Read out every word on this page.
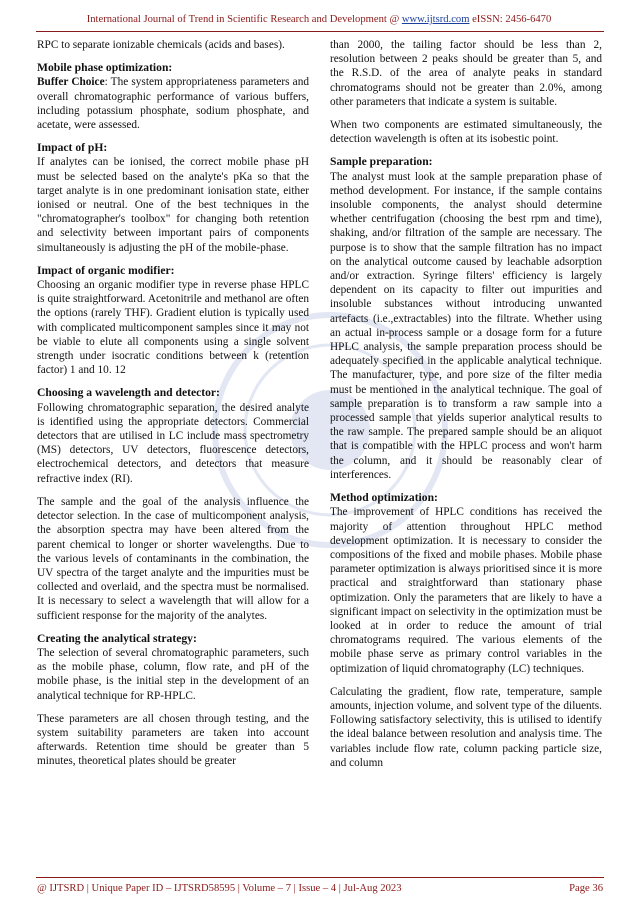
International Journal of Trend in Scientific Research and Development @ www.ijtsrd.com eISSN: 2456-6470

RPC to separate ionizable chemicals (acids and bases).

Mobile phase optimization:

Buffer Choice: The system appropriateness parameters and overall chromatographic performance of various buffers, including potassium phosphate, sodium phosphate, and acetate, were assessed.

Impact of pH:

If analytes can be ionised, the correct mobile phase pH must be selected based on the analyte's pKa so that the target analyte is in one predominant ionisation state, either ionised or neutral. One of the best techniques in the "chromatographer's toolbox" for changing both retention and selectivity between important pairs of components simultaneously is adjusting the pH of the mobile-phase.

Impact of organic modifier:

Choosing an organic modifier type in reverse phase HPLC is quite straightforward. Acetonitrile and methanol are often the options (rarely THF). Gradient elution is typically used with complicated multicomponent samples since it may not be viable to elute all components using a single solvent strength under isocratic conditions between k (retention factor) 1 and 10. 12

Choosing a wavelength and detector:

Following chromatographic separation, the desired analyte is identified using the appropriate detectors. Commercial detectors that are utilised in LC include mass spectrometry (MS) detectors, UV detectors, fluorescence detectors, electrochemical detectors, and detectors that measure refractive index (RI).

The sample and the goal of the analysis influence the detector selection. In the case of multicomponent analysis, the absorption spectra may have been altered from the parent chemical to longer or shorter wavelengths. Due to the various levels of contaminants in the combination, the UV spectra of the target analyte and the impurities must be collected and overlaid, and the spectra must be normalised. It is necessary to select a wavelength that will allow for a sufficient response for the majority of the analytes.

Creating the analytical strategy:

The selection of several chromatographic parameters, such as the mobile phase, column, flow rate, and pH of the mobile phase, is the initial step in the development of an analytical technique for RP-HPLC.

These parameters are all chosen through testing, and the system suitability parameters are taken into account afterwards. Retention time should be greater than 5 minutes, theoretical plates should be greater

than 2000, the tailing factor should be less than 2, resolution between 2 peaks should be greater than 5, and the R.S.D. of the area of analyte peaks in standard chromatograms should not be greater than 2.0%, among other parameters that indicate a system is suitable.

When two components are estimated simultaneously, the detection wavelength is often at its isobestic point.

Sample preparation:

The analyst must look at the sample preparation phase of method development. For instance, if the sample contains insoluble components, the analyst should determine whether centrifugation (choosing the best rpm and time), shaking, and/or filtration of the sample are necessary. The purpose is to show that the sample filtration has no impact on the analytical outcome caused by leachable adsorption and/or extraction. Syringe filters' efficiency is largely dependent on its capacity to filter out impurities and insoluble substances without introducing unwanted artefacts (i.e.,extractables) into the filtrate. Whether using an actual in-process sample or a dosage form for a future HPLC analysis, the sample preparation process should be adequately specified in the applicable analytical technique. The manufacturer, type, and pore size of the filter media must be mentioned in the analytical technique. The goal of sample preparation is to transform a raw sample into a processed sample that yields superior analytical results to the raw sample. The prepared sample should be an aliquot that is compatible with the HPLC process and won't harm the column, and it should be reasonably clear of interferences.

Method optimization:

The improvement of HPLC conditions has received the majority of attention throughout HPLC method development optimization. It is necessary to consider the compositions of the fixed and mobile phases. Mobile phase parameter optimization is always prioritised since it is more practical and straightforward than stationary phase optimization. Only the parameters that are likely to have a significant impact on selectivity in the optimization must be looked at in order to reduce the amount of trial chromatograms required. The various elements of the mobile phase serve as primary control variables in the optimization of liquid chromatography (LC) techniques.

Calculating the gradient, flow rate, temperature, sample amounts, injection volume, and solvent type of the diluents. Following satisfactory selectivity, this is utilised to identify the ideal balance between resolution and analysis time. The variables include flow rate, column packing particle size, and column

@ IJTSRD | Unique Paper ID – IJTSRD58595 | Volume – 7 | Issue – 4 | Jul-Aug 2023	Page 36
